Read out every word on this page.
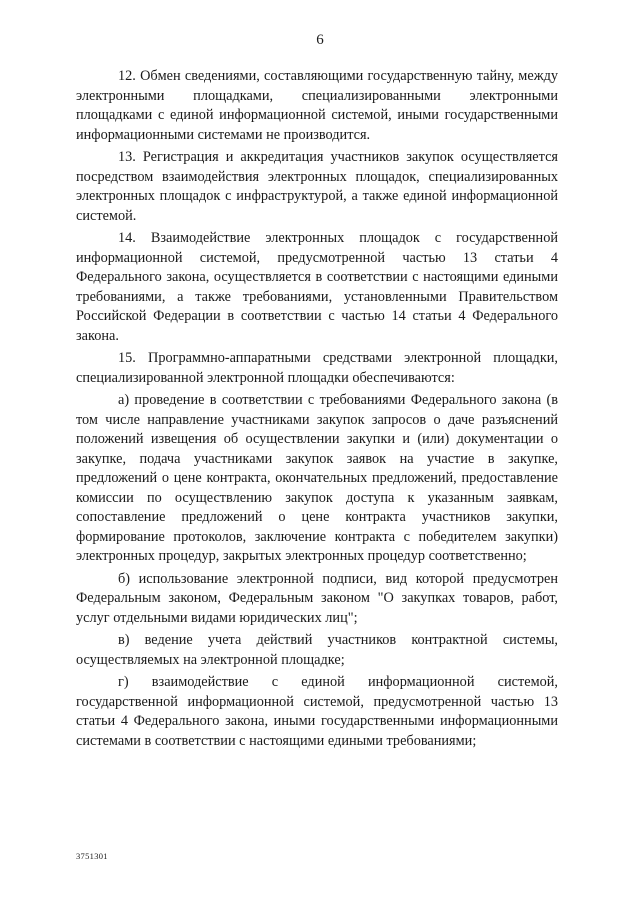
6

12. Обмен сведениями, составляющими государственную тайну, между электронными площадками, специализированными электронными площадками с единой информационной системой, иными государственными информационными системами не производится.

13. Регистрация и аккредитация участников закупок осуществляется посредством взаимодействия электронных площадок, специализированных электронных площадок с инфраструктурой, а также единой информационной системой.

14. Взаимодействие электронных площадок с государственной информационной системой, предусмотренной частью 13 статьи 4 Федерального закона, осуществляется в соответствии с настоящими едиными требованиями, а также требованиями, установленными Правительством Российской Федерации в соответствии с частью 14 статьи 4 Федерального закона.

15. Программно-аппаратными средствами электронной площадки, специализированной электронной площадки обеспечиваются:

а) проведение в соответствии с требованиями Федерального закона (в том числе направление участниками закупок запросов о даче разъяснений положений извещения об осуществлении закупки и (или) документации о закупке, подача участниками закупок заявок на участие в закупке, предложений о цене контракта, окончательных предложений, предоставление комиссии по осуществлению закупок доступа к указанным заявкам, сопоставление предложений о цене контракта участников закупки, формирование протоколов, заключение контракта с победителем закупки) электронных процедур, закрытых электронных процедур соответственно;

б) использование электронной подписи, вид которой предусмотрен Федеральным законом, Федеральным законом "О закупках товаров, работ, услуг отдельными видами юридических лиц";

в) ведение учета действий участников контрактной системы, осуществляемых на электронной площадке;

г) взаимодействие с единой информационной системой, государственной информационной системой, предусмотренной частью 13 статьи 4 Федерального закона, иными государственными информационными системами в соответствии с настоящими едиными требованиями;

3751301
